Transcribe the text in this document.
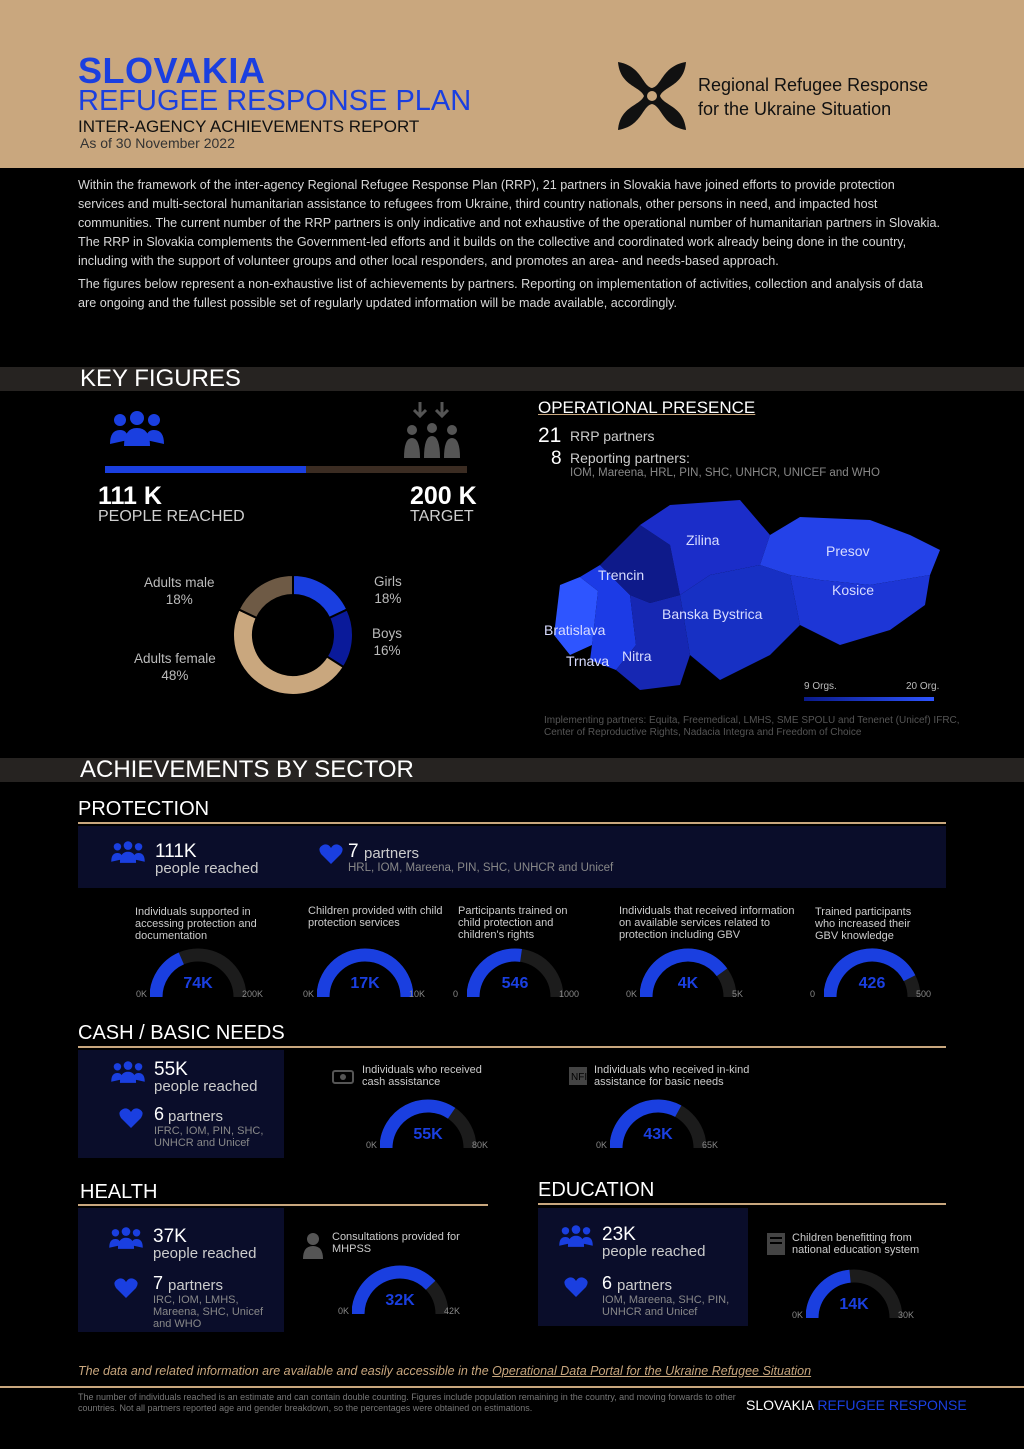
SLOVAKIA
REFUGEE RESPONSE PLAN
INTER-AGENCY ACHIEVEMENTS REPORT
As of 30 November 2022
Regional Refugee Response
for the Ukraine Situation

Within the framework of the inter-agency Regional Refugee Response Plan (RRP), 21 partners in Slovakia have joined efforts to provide protection services and multi-sectoral humanitarian assistance to refugees from Ukraine, third country nationals, other persons in need, and impacted host communities. The current number of the RRP partners is only indicative and not exhaustive of the operational number of humanitarian partners in Slovakia. The RRP in Slovakia complements the Government-led efforts and it builds on the collective and coordinated work already being done in the country, including with the support of volunteer groups and other local responders, and promotes an area- and needs-based approach.

The figures below represent a non-exhaustive list of achievements by partners. Reporting on implementation of activities, collection and analysis of data are ongoing and the fullest possible set of regularly updated information will be made available, accordingly.

KEY FIGURES
111 K
PEOPLE REACHED
200 K
TARGET
Adults male
18%
Adults female
48%
Girls
18%
Boys
16%
OPERATIONAL PRESENCE
21 RRP partners
8 Reporting partners:
IOM, Mareena, HRL, PIN, SHC, UNHCR, UNICEF and WHO
Zilina
Presov
Trencin
Kosice
Banska Bystrica
Bratislava
Nitra
Trnava
9 Orgs.	20 Org.
Implementing partners: Equita, Freemedical, LMHS, SME SPOLU and Tenenet (Unicef) IFRC, Center of Reproductive Rights, Nadacia Integra and Freedom of Choice
ACHIEVEMENTS BY SECTOR
PROTECTION
111K
people reached
7 partners
HRL, IOM, Mareena, PIN, SHC, UNHCR and Unicef
Individuals supported in accessing protection and documentation
Children provided with child protection services
Participants trained on child protection and children's rights
Individuals that received information on available services related to protection including GBV
Trained participants who increased their GBV knowledge
74K
0K	200K
17K
0K	10K
546
0	1000
4K
0K	5K
426
0	500
CASH / BASIC NEEDS
55K
people reached
6 partners
IFRC, IOM, PIN, SHC, UNHCR and Unicef
Individuals who received cash assistance	NFI
Individuals who received in-kind assistance for basic needs
55K
0K	80K
43K
0K	65K
HEALTH
37K
people reached
7 partners
IRC, IOM, LMHS, Mareena, SHC, Unicef and WHO
Consultations provided for MHPSS
32K
0K	42K
EDUCATION
23K
people reached
6 partners
IOM, Mareena, SHC, PIN, UNHCR and Unicef
Children benefitting from national education system
14K
0K	30K
The data and related information are available and easily accessible in the Operational Data Portal for the Ukraine Refugee Situation
The number of individuals reached is an estimate and can contain double counting. Figures include population remaining in the country, and moving forwards to other countries. Not all partners reported age and gender breakdown, so the percentages were obtained on estimations.	SLOVAKIA REFUGEE RESPONSE
